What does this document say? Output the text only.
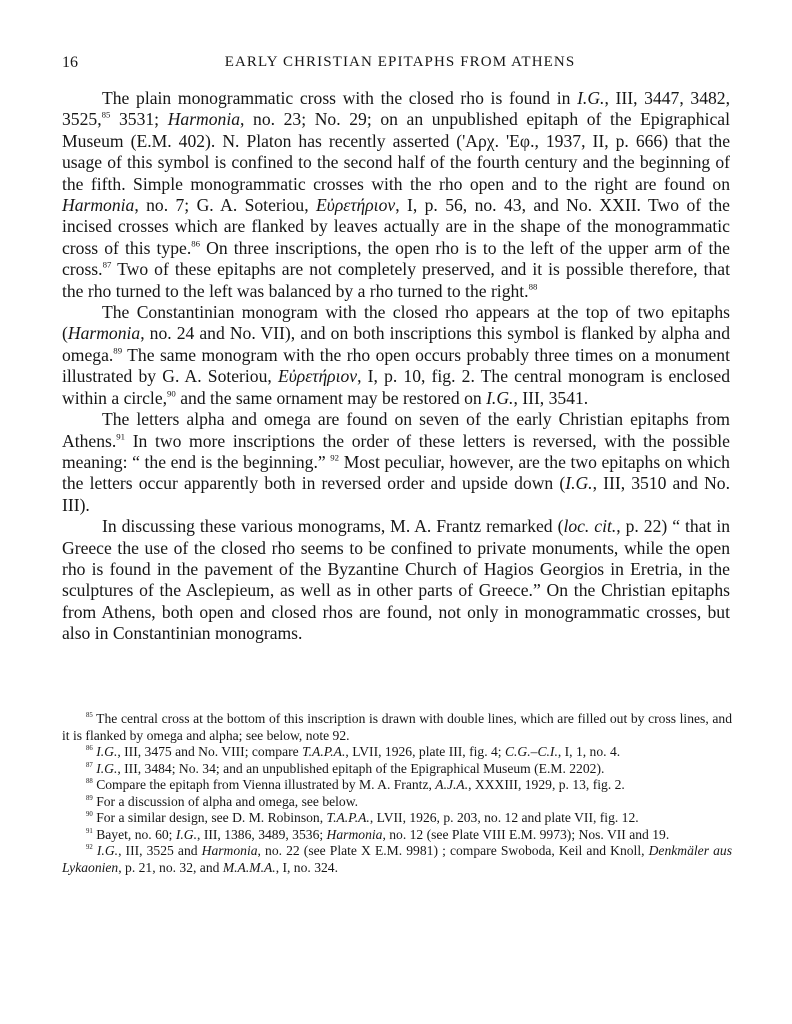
16	EARLY CHRISTIAN EPITAPHS FROM ATHENS

The plain monogrammatic cross with the closed rho is found in I.G., III, 3447, 3482, 3525,85 3531; Harmonia, no. 23; No. 29; on an unpublished epitaph of the Epigraphical Museum (E.M. 402). N. Platon has recently asserted ('Αρχ. 'Εφ., 1937, II, p. 666) that the usage of this symbol is confined to the second half of the fourth century and the beginning of the fifth. Simple monogrammatic crosses with the rho open and to the right are found on Harmonia, no. 7; G. A. Soteriou, Εὐρετήριον, I, p. 56, no. 43, and No. XXII. Two of the incised crosses which are flanked by leaves actually are in the shape of the monogrammatic cross of this type.$^{86}$ On three inscriptions, the open rho is to the left of the upper arm of the cross.$^{87}$ Two of these epitaphs are not completely preserved, and it is possible therefore, that the rho turned to the left was balanced by a rho turned to the right.$^{88}$

The Constantinian monogram with the closed rho appears at the top of two epitaphs (Harmonia, no. 24 and No. VII), and on both inscriptions this symbol is flanked by alpha and omega.$^{89}$ The same monogram with the rho open occurs probably three times on a monument illustrated by G. A. Soteriou, Εὐρετήριον, I, p. 10, fig. 2. The central monogram is enclosed within a circle,$^{90}$ and the same ornament may be restored on I.G., III, 3541.

The letters alpha and omega are found on seven of the early Christian epitaphs from Athens.$^{91}$ In two more inscriptions the order of these letters is reversed, with the possible meaning: “ the end is the beginning.” $^{92}$ Most peculiar, however, are the two epitaphs on which the letters occur apparently both in reversed order and upside down (I.G., III, 3510 and No. III).

In discussing these various monograms, M. A. Frantz remarked (loc. cit., p. 22) “ that in Greece the use of the closed rho seems to be confined to private monuments, while the open rho is found in the pavement of the Byzantine Church of Hagios Georgios in Eretria, in the sculptures of the Asclepieum, as well as in other parts of Greece.” On the Christian epitaphs from Athens, both open and closed rhos are found, not only in monogrammatic crosses, but also in Constantinian monograms.

$^{85}$ The central cross at the bottom of this inscription is drawn with double lines, which are filled out by cross lines, and it is flanked by omega and alpha; see below, note 92.

$^{86}$ I.G., III, 3475 and No. VIII; compare T.A.P.A., LVII, 1926, plate III, fig. 4; C.G.–C.I., I, 1, no. 4.

$^{87}$ I.G., III, 3484; No. 34; and an unpublished epitaph of the Epigraphical Museum (E.M. 2202).

$^{88}$ Compare the epitaph from Vienna illustrated by M. A. Frantz, A.J.A., XXXIII, 1929, p. 13, fig. 2.

$^{89}$ For a discussion of alpha and omega, see below.

$^{90}$ For a similar design, see D. M. Robinson, T.A.P.A., LVII, 1926, p. 203, no. 12 and plate VII, fig. 12.

$^{91}$ Bayet, no. 60; I.G., III, 1386, 3489, 3536; Harmonia, no. 12 (see Plate VIII E.M. 9973); Nos. VII and 19.

$^{92}$ I.G., III, 3525 and Harmonia, no. 22 (see Plate X E.M. 9981) ; compare Swoboda, Keil and Knoll, Denkmäler aus Lykaonien, p. 21, no. 32, and M.A.M.A., I, no. 324.
